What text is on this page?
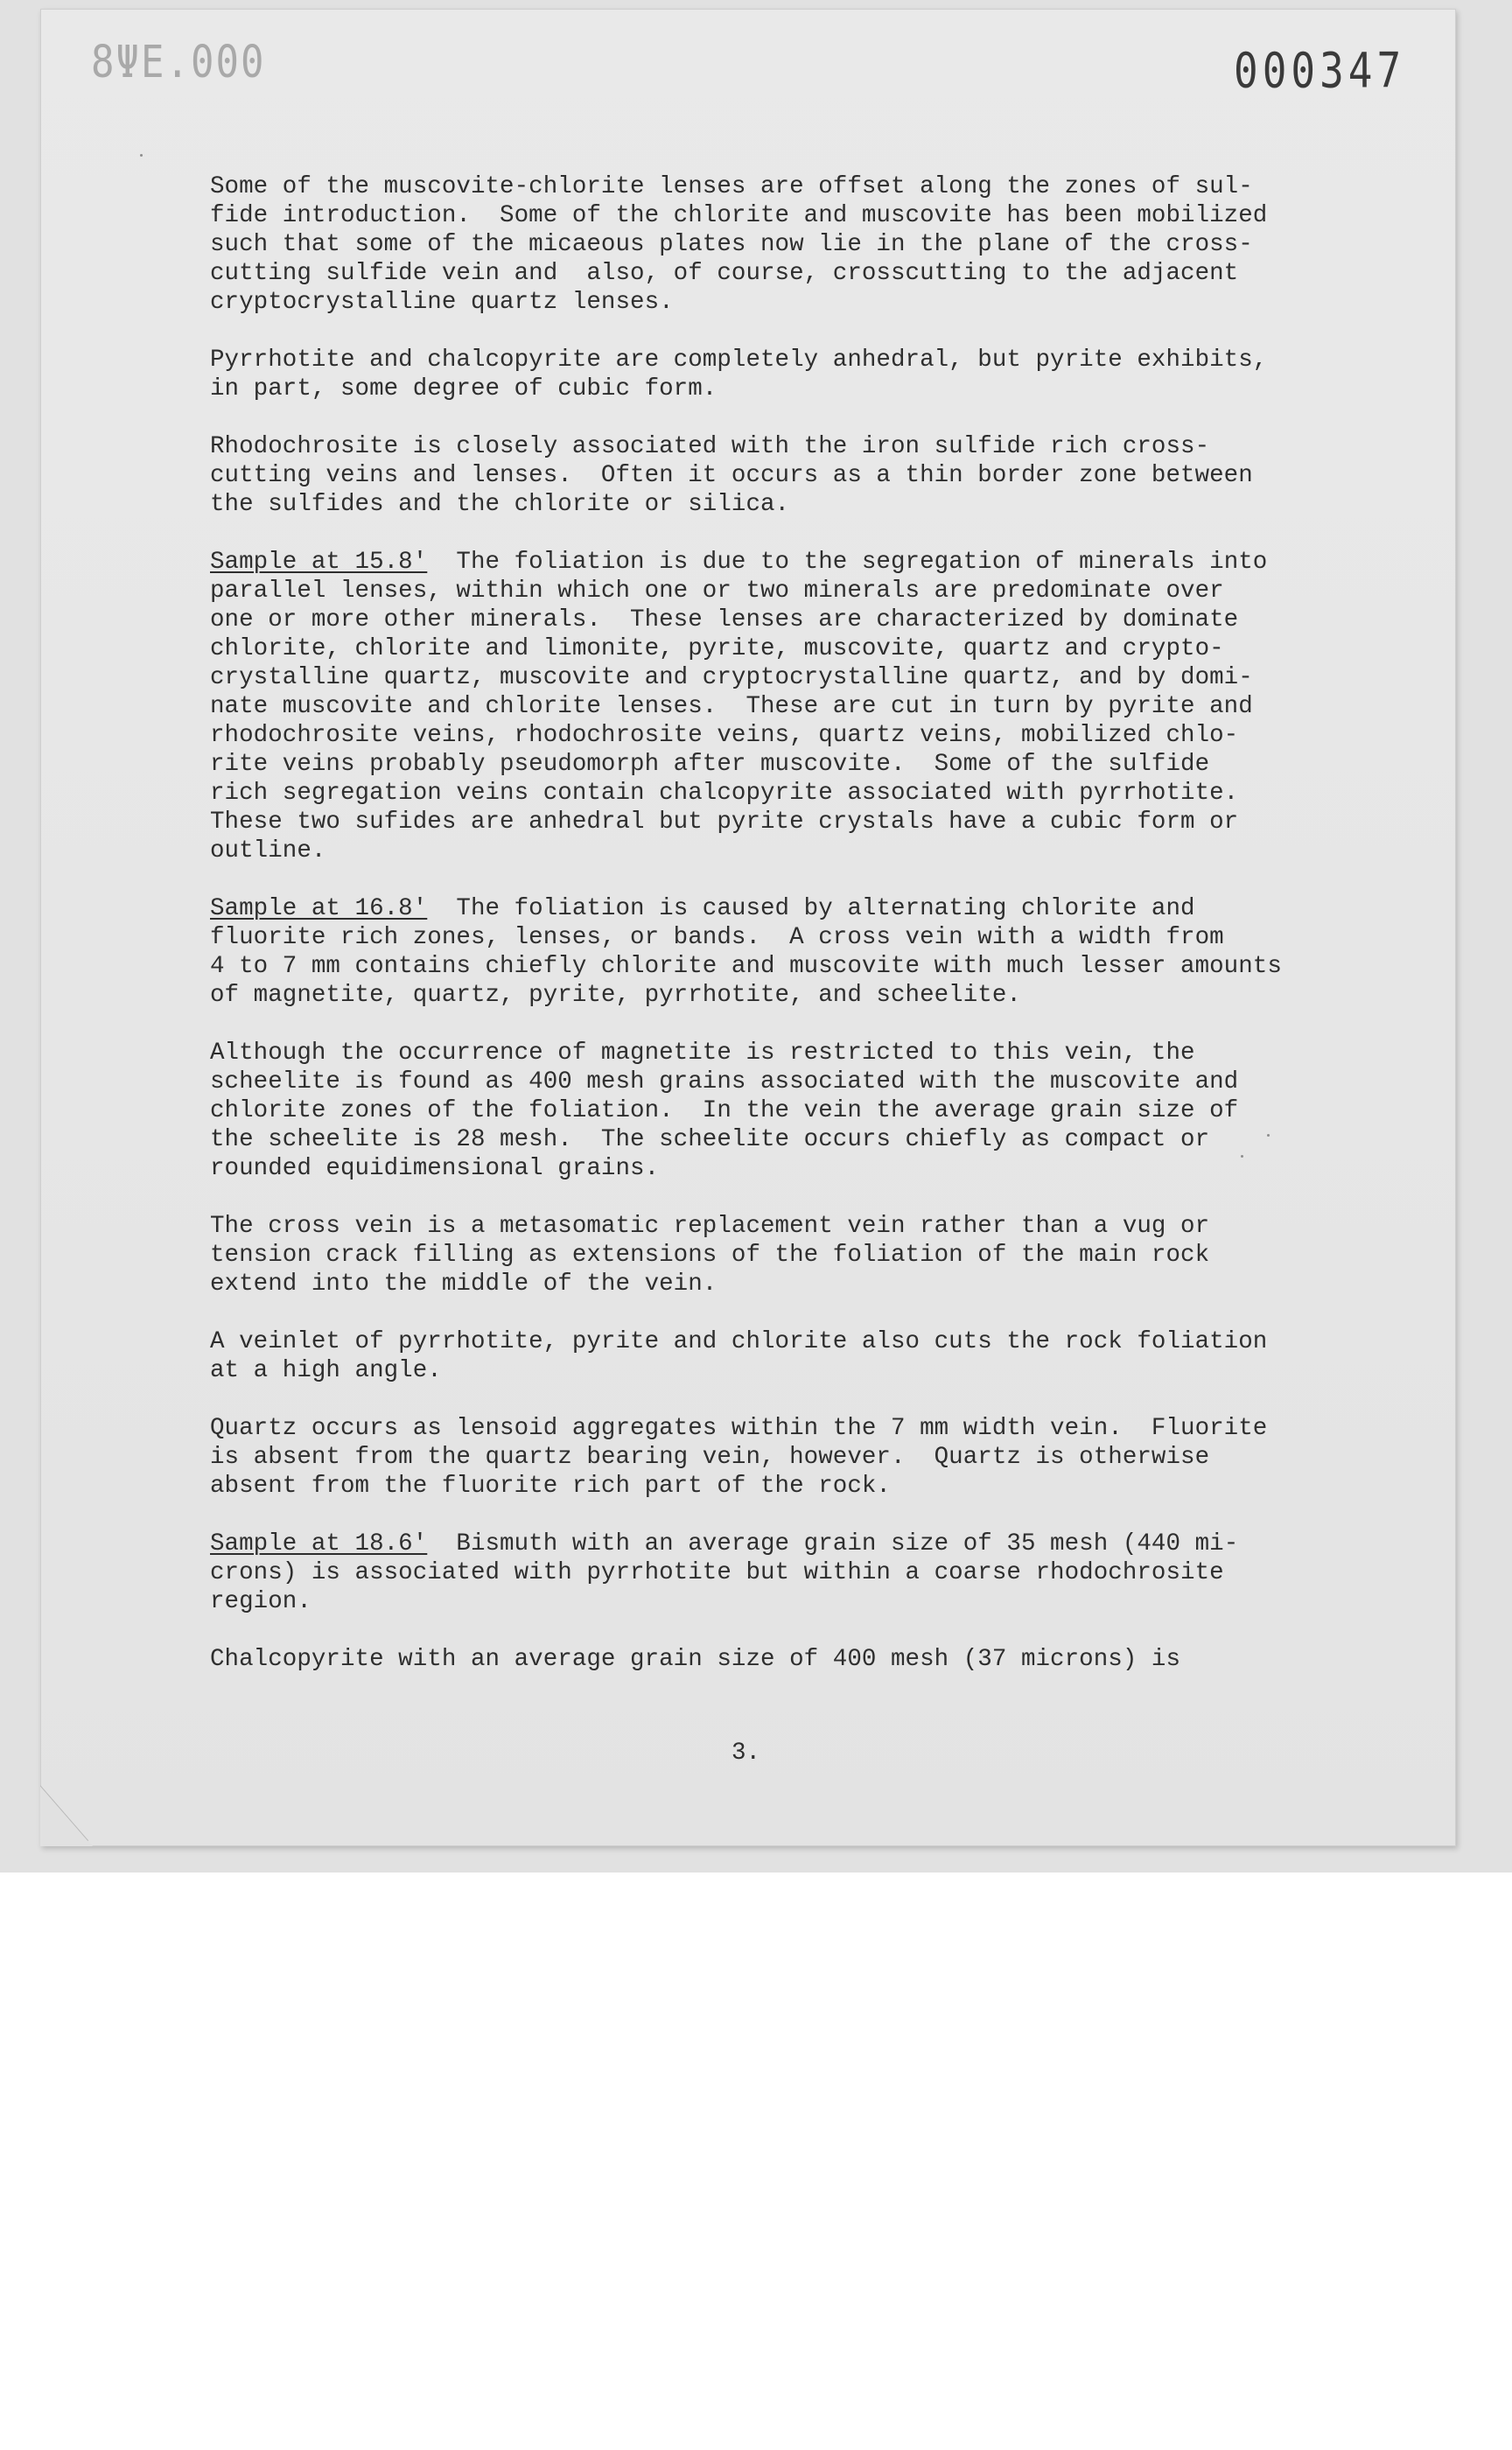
8ΨE.000	000347
Some of the muscovite-chlorite lenses are offset along the zones of sul-
fide introduction.  Some of the chlorite and muscovite has been mobilized
such that some of the micaeous plates now lie in the plane of the cross-
cutting sulfide vein and  also, of course, crosscutting to the adjacent
cryptocrystalline quartz lenses.
Pyrrhotite and chalcopyrite are completely anhedral, but pyrite exhibits,
in part, some degree of cubic form.
Rhodochrosite is closely associated with the iron sulfide rich cross-
cutting veins and lenses.  Often it occurs as a thin border zone between
the sulfides and the chlorite or silica.
Sample at 15.8'  The foliation is due to the segregation of minerals into
parallel lenses, within which one or two minerals are predominate over
one or more other minerals.  These lenses are characterized by dominate
chlorite, chlorite and limonite, pyrite, muscovite, quartz and crypto-
crystalline quartz, muscovite and cryptocrystalline quartz, and by domi-
nate muscovite and chlorite lenses.  These are cut in turn by pyrite and
rhodochrosite veins, rhodochrosite veins, quartz veins, mobilized chlo-
rite veins probably pseudomorph after muscovite.  Some of the sulfide
rich segregation veins contain chalcopyrite associated with pyrrhotite.
These two sufides are anhedral but pyrite crystals have a cubic form or
outline.
Sample at 16.8'  The foliation is caused by alternating chlorite and
fluorite rich zones, lenses, or bands.  A cross vein with a width from
4 to 7 mm contains chiefly chlorite and muscovite with much lesser amounts
of magnetite, quartz, pyrite, pyrrhotite, and scheelite.
Although the occurrence of magnetite is restricted to this vein, the
scheelite is found as 400 mesh grains associated with the muscovite and
chlorite zones of the foliation.  In the vein the average grain size of
the scheelite is 28 mesh.  The scheelite occurs chiefly as compact or
rounded equidimensional grains.
The cross vein is a metasomatic replacement vein rather than a vug or
tension crack filling as extensions of the foliation of the main rock
extend into the middle of the vein.
A veinlet of pyrrhotite, pyrite and chlorite also cuts the rock foliation
at a high angle.
Quartz occurs as lensoid aggregates within the 7 mm width vein.  Fluorite
is absent from the quartz bearing vein, however.  Quartz is otherwise
absent from the fluorite rich part of the rock.
Sample at 18.6'  Bismuth with an average grain size of 35 mesh (440 mi-
crons) is associated with pyrrhotite but within a coarse rhodochrosite
region.
Chalcopyrite with an average grain size of 400 mesh (37 microns) is
3.
